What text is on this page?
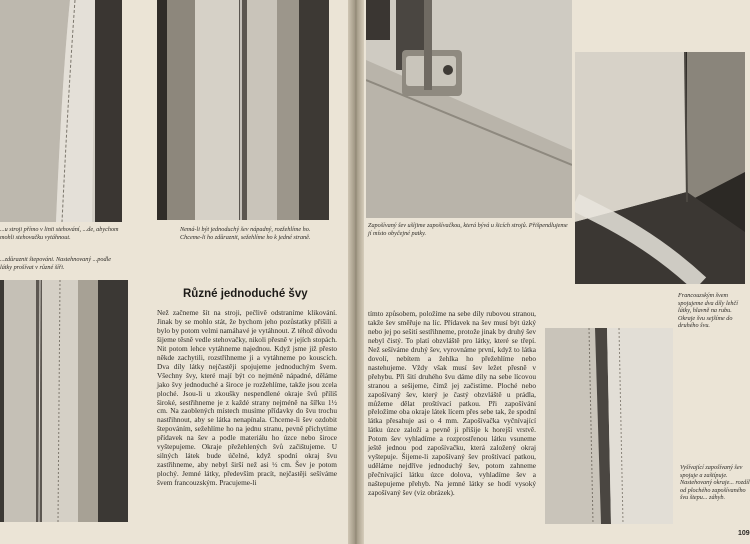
...u stroji přímo v linii stehování, ...de, abychom mohli stehovačku vytáhnout.

...zdůraznit štepováni. Nastehnovaný ...podle látky prošívat v různé šíři.

Nemá-li být jednoduchý šev nápadný, rozžehlíme ho. Chceme-li ho zdůraznit, sežehlíme ho k jedné straně.

Různé jednoduché švy

Než začneme šít na stroji, pečlivě odstraníme klikování. Jinak by se mohlo stát, že bychom jeho pozůstatky přišili a bylo by potom velmi namáhavé je vytáhnout. Z téhož důvodu šijeme těsně vedle stehovačky, nikoli přesně v jejích stopách. Nit potom lehce vytáhneme najednou. Když jsme již přesto někde zachytili, rozstříhneme ji a vytáhneme po kouscích. Dva díly látky nejčastěji spojujeme jednoduchým švem. Všechny švy, které mají být co nejméně nápadné, děláme jako švy jednoduché a široce je rozžehlíme, takže jsou zcela ploché. Jsou-li u zkoušky nespendlené okraje švů příliš široké, sestřihneme je z každé strany nejméně na šířku 1½ cm. Na zaoblených místech musíme přídavky do švu trochu nastřihnout, aby se látka nenapínala. Chceme-li šev ozdobit štepováním, sežehlíme ho na jednu stranu, pevně přichytíme přídavek na šev a podle materiálu ho úzce nebo široce vyštepujeme. Okraje přežehlených švů začištujeme. U silných látek bude účelné, když spodní okraj švu zastřihneme, aby nebyl širší než asi ½ cm. Šev je potom plochý. Jemné látky, především pracít, nejčastěji sešíváme švem francouzským. Pracujeme-li

Zapošívaný šev ušíjime zapošívačkou, která bývá u šicích strojů. Přišpendlujeme jí místo obyčejné patky.

Francouzským švem spojujeme dva díly lehčí látky, hlavně na rubu. Okraje švu sejšíme do druhého švu.

tímto způsobem, položíme na sebe díly rubovou stranou, takže šev směřuje na líc. Přídavek na šev musí být úzký nebo jej po sešití sestřihneme, protože jinak by druhý šev nebyl čistý. To platí obzvláště pro látky, které se třepí. Než sešíváme druhý šev, vyrovnáme první, když to látka dovolí, nebítem a žehlka ho přežehlíme nebo nastehujeme. Vždy však musí šev ležet přesně v přehybu. Při šití druhého švu dáme díly na sebe lícovou stranou a sešijeme, čímž jej začistíme. Ploché nebo zapošívaný šev, který je častý obzvláště u prádla, můžeme dělat proštívací patkou. Při zapošívání přeložíme oba okraje látek lícem přes sebe tak, že spodní látka přesahuje asi o 4 mm. Zapošívačka vyčnívající látku úzce založí a pevně ji přišije k horejší vrstvě. Potom šev vyhladíme a rozprostřenou látku vsuneme ještě jednou pod zapošívačku, která založený okraj vyštepuje. Šijeme-li zapošívaný šev proštívací patkou, uděláme nejdříve jednoduchý šev, potom zahneme přečnívající látku úzce dolova, vyhladíme šev a naštepujeme přehyb. Na jemné látky se hodí vysoký zapošívaný šev (viz obrázek).

Vyšívající zapošívaný šev spojuje a zaštípuje. Nastehovaný okraje... rozdíl od plochého zapošívaného švu štepu... záhyb.

109
